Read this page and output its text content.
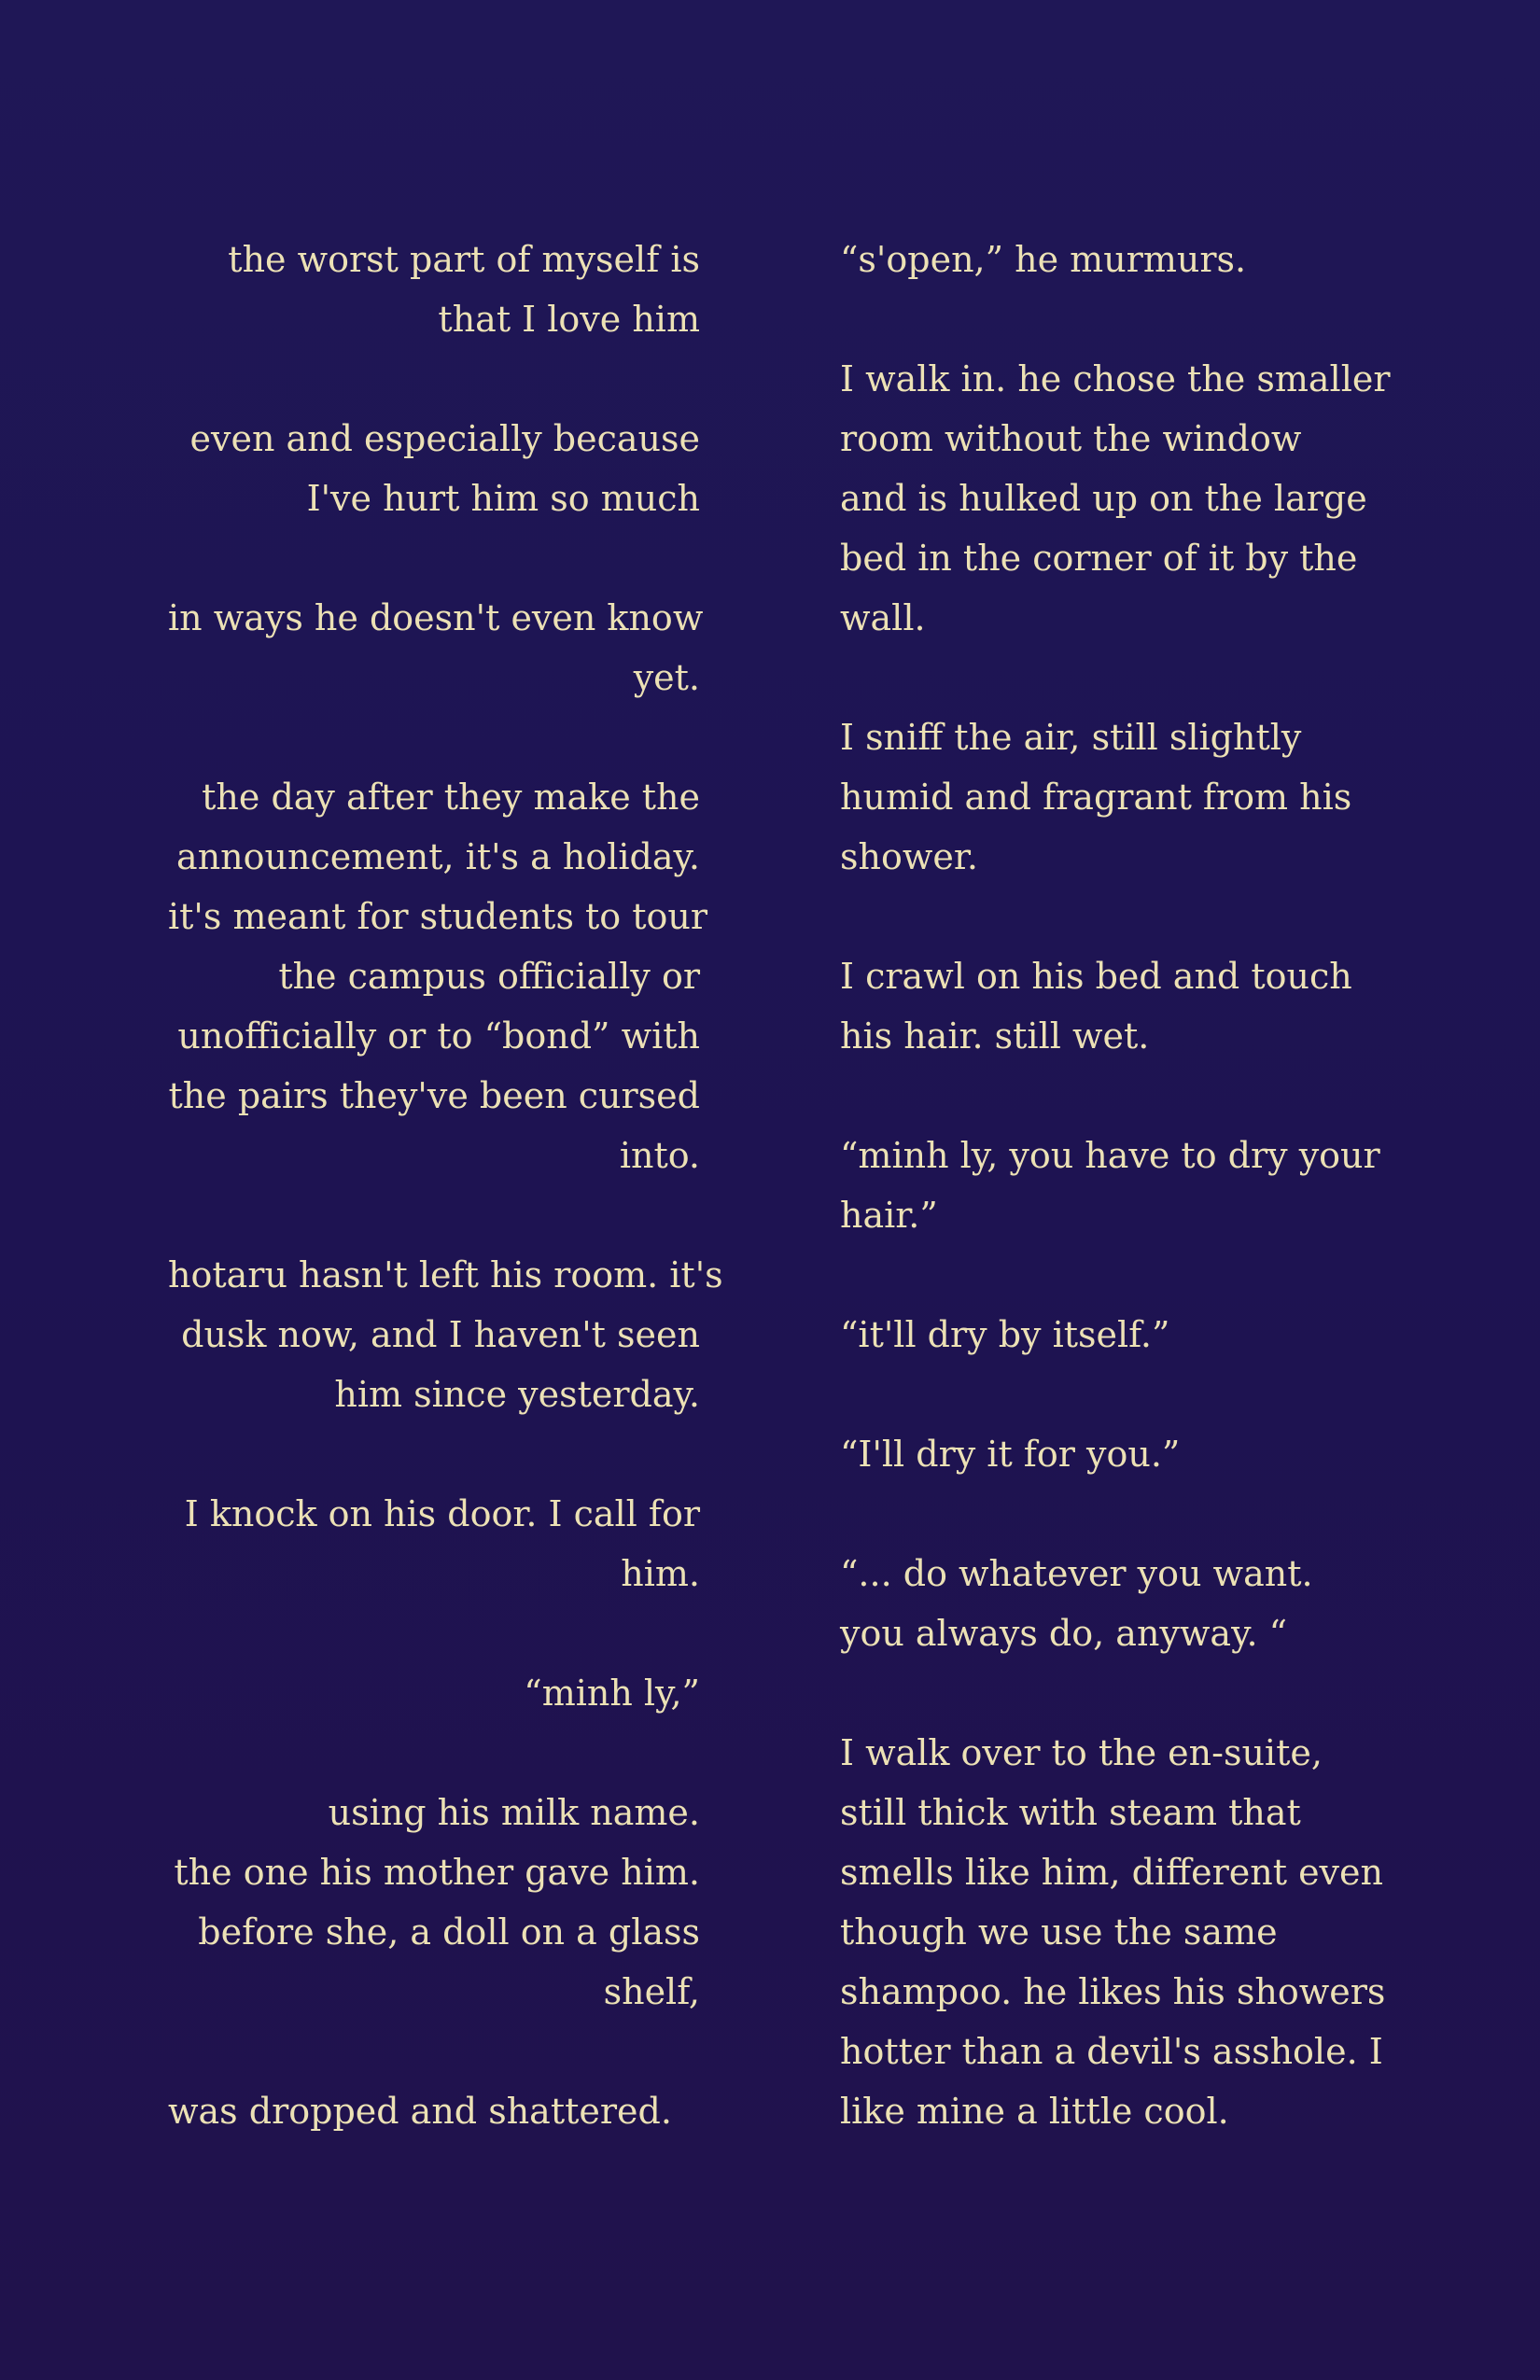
the worst part of myself is
that I love him

even and especially because
I've hurt him so much

in ways he doesn't even know
yet.

the day after they make the
announcement, it's a holiday.
it's meant for students to tour
the campus officially or
unofficially or to “bond” with
the pairs they've been cursed
into.

hotaru hasn't left his room. it's
dusk now, and I haven't seen
him since yesterday.

I knock on his door. I call for
him.

“minh ly,”

using his milk name.
the one his mother gave him.
before she, a doll on a glass
shelf,

was dropped and shattered.

“s'open,” he murmurs.

I walk in. he chose the smaller
room without the window
and is hulked up on the large
bed in the corner of it by the
wall.

I sniff the air, still slightly
humid and fragrant from his
shower.

I crawl on his bed and touch
his hair. still wet.

“minh ly, you have to dry your
hair.”

“it'll dry by itself.”

“I'll dry it for you.”

“... do whatever you want.
you always do, anyway. “

I walk over to the en-suite,
still thick with steam that
smells like him, different even
though we use the same
shampoo. he likes his showers
hotter than a devil's asshole. I
like mine a little cool.
